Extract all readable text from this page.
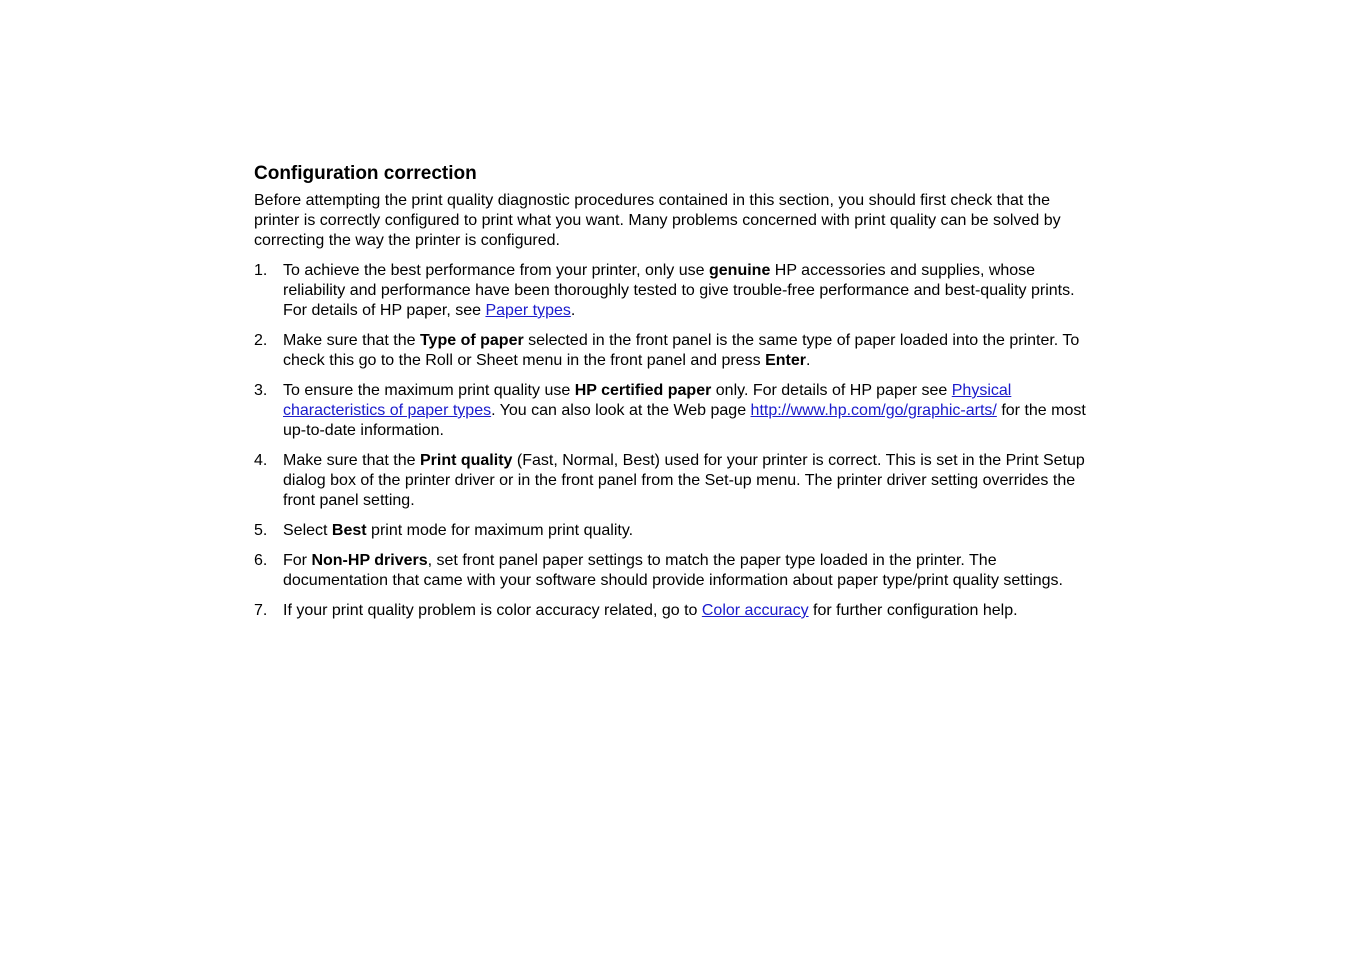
Configuration correction

Before attempting the print quality diagnostic procedures contained in this section, you should first check that the printer is correctly configured to print what you want. Many problems concerned with print quality can be solved by correcting the way the printer is configured.

1. To achieve the best performance from your printer, only use genuine HP accessories and supplies, whose reliability and performance have been thoroughly tested to give trouble-free performance and best-quality prints. For details of HP paper, see Paper types.
2. Make sure that the Type of paper selected in the front panel is the same type of paper loaded into the printer. To check this go to the Roll or Sheet menu in the front panel and press Enter.
3. To ensure the maximum print quality use HP certified paper only. For details of HP paper see Physical characteristics of paper types. You can also look at the Web page http://www.hp.com/go/graphic-arts/ for the most up-to-date information.
4. Make sure that the Print quality (Fast, Normal, Best) used for your printer is correct. This is set in the Print Setup dialog box of the printer driver or in the front panel from the Set-up menu. The printer driver setting overrides the front panel setting.
5. Select Best print mode for maximum print quality.
6. For Non-HP drivers, set front panel paper settings to match the paper type loaded in the printer. The documentation that came with your software should provide information about paper type/print quality settings.
7. If your print quality problem is color accuracy related, go to Color accuracy for further configuration help.
